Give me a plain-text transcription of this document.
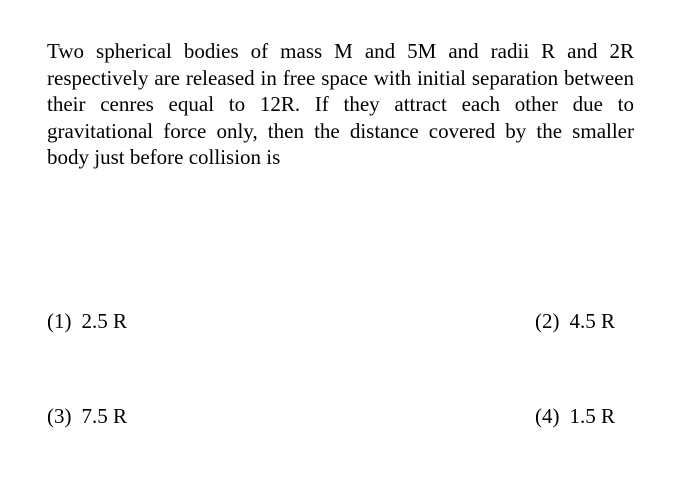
Two spherical bodies of mass M and 5M and radii R and 2R respectively are released in free space with initial separation between their cenres equal to 12R. If they attract each other due to gravitational force only, then the distance covered by the smaller body just before collision is

(1) 2.5 R	(2) 4.5 R
(3) 7.5 R	(4) 1.5 R
